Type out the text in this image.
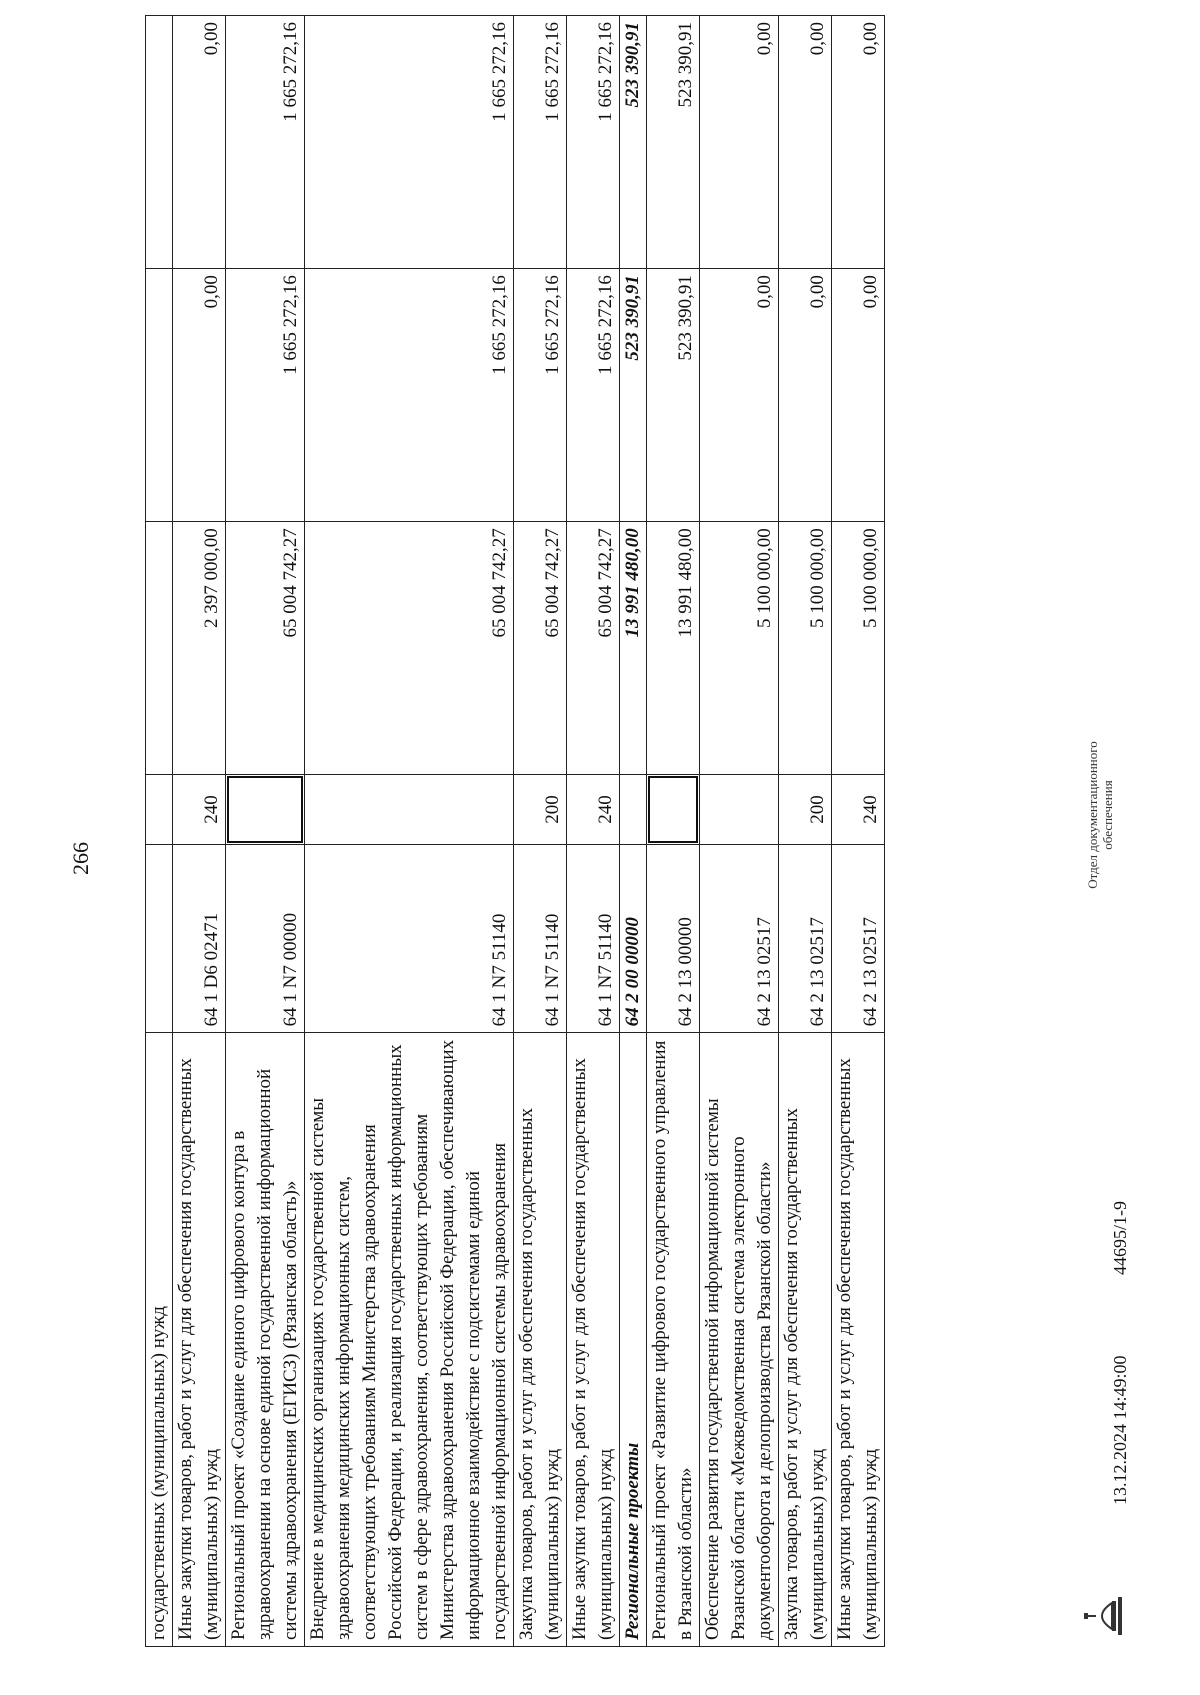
266
государственных (муниципальных) нужд					
Иные закупки товаров, работ и услуг для обеспечения государственных (муниципальных) нужд	64 1 D6 02471	240	2 397 000,00	0,00	0,00
Региональный проект «Создание единого цифрового контура в здравоохранении на основе единой государственной информационной системы здравоохранения (ЕГИСЗ) (Рязанская область)»	64 1 N7 00000		65 004 742,27	1 665 272,16	1 665 272,16
Внедрение в медицинских организациях государственной системы здравоохранения медицинских информационных систем, соответствующих требованиям Министерства здравоохранения Российской Федерации, и реализация государственных информационных систем в сфере здравоохранения, соответствующих требованиям Министерства здравоохранения Российской Федерации, обеспечивающих информационное взаимодействие с подсистемами единой государственной информационной системы здравоохранения	64 1 N7 51140		65 004 742,27	1 665 272,16	1 665 272,16
Закупка товаров, работ и услуг для обеспечения государственных (муниципальных) нужд	64 1 N7 51140	200	65 004 742,27	1 665 272,16	1 665 272,16
Иные закупки товаров, работ и услуг для обеспечения государственных (муниципальных) нужд	64 1 N7 51140	240	65 004 742,27	1 665 272,16	1 665 272,16
Региональные проекты	64 2 00 00000		13 991 480,00	523 390,91	523 390,91
Региональный проект «Развитие цифрового государственного управления в Рязанской области»	64 2 13 00000		13 991 480,00	523 390,91	523 390,91
Обеспечение развития государственной информационной системы Рязанской области «Межведомственная система электронного документооборота и делопроизводства Рязанской области»	64 2 13 02517		5 100 000,00	0,00	0,00
Закупка товаров, работ и услуг для обеспечения государственных (муниципальных) нужд	64 2 13 02517	200	5 100 000,00	0,00	0,00
Иные закупки товаров, работ и услуг для обеспечения государственных (муниципальных) нужд	64 2 13 02517	240	5 100 000,00	0,00	0,00
13.12.2024 14:49:00
44695/1-9
Отдел документационного обеспечения
